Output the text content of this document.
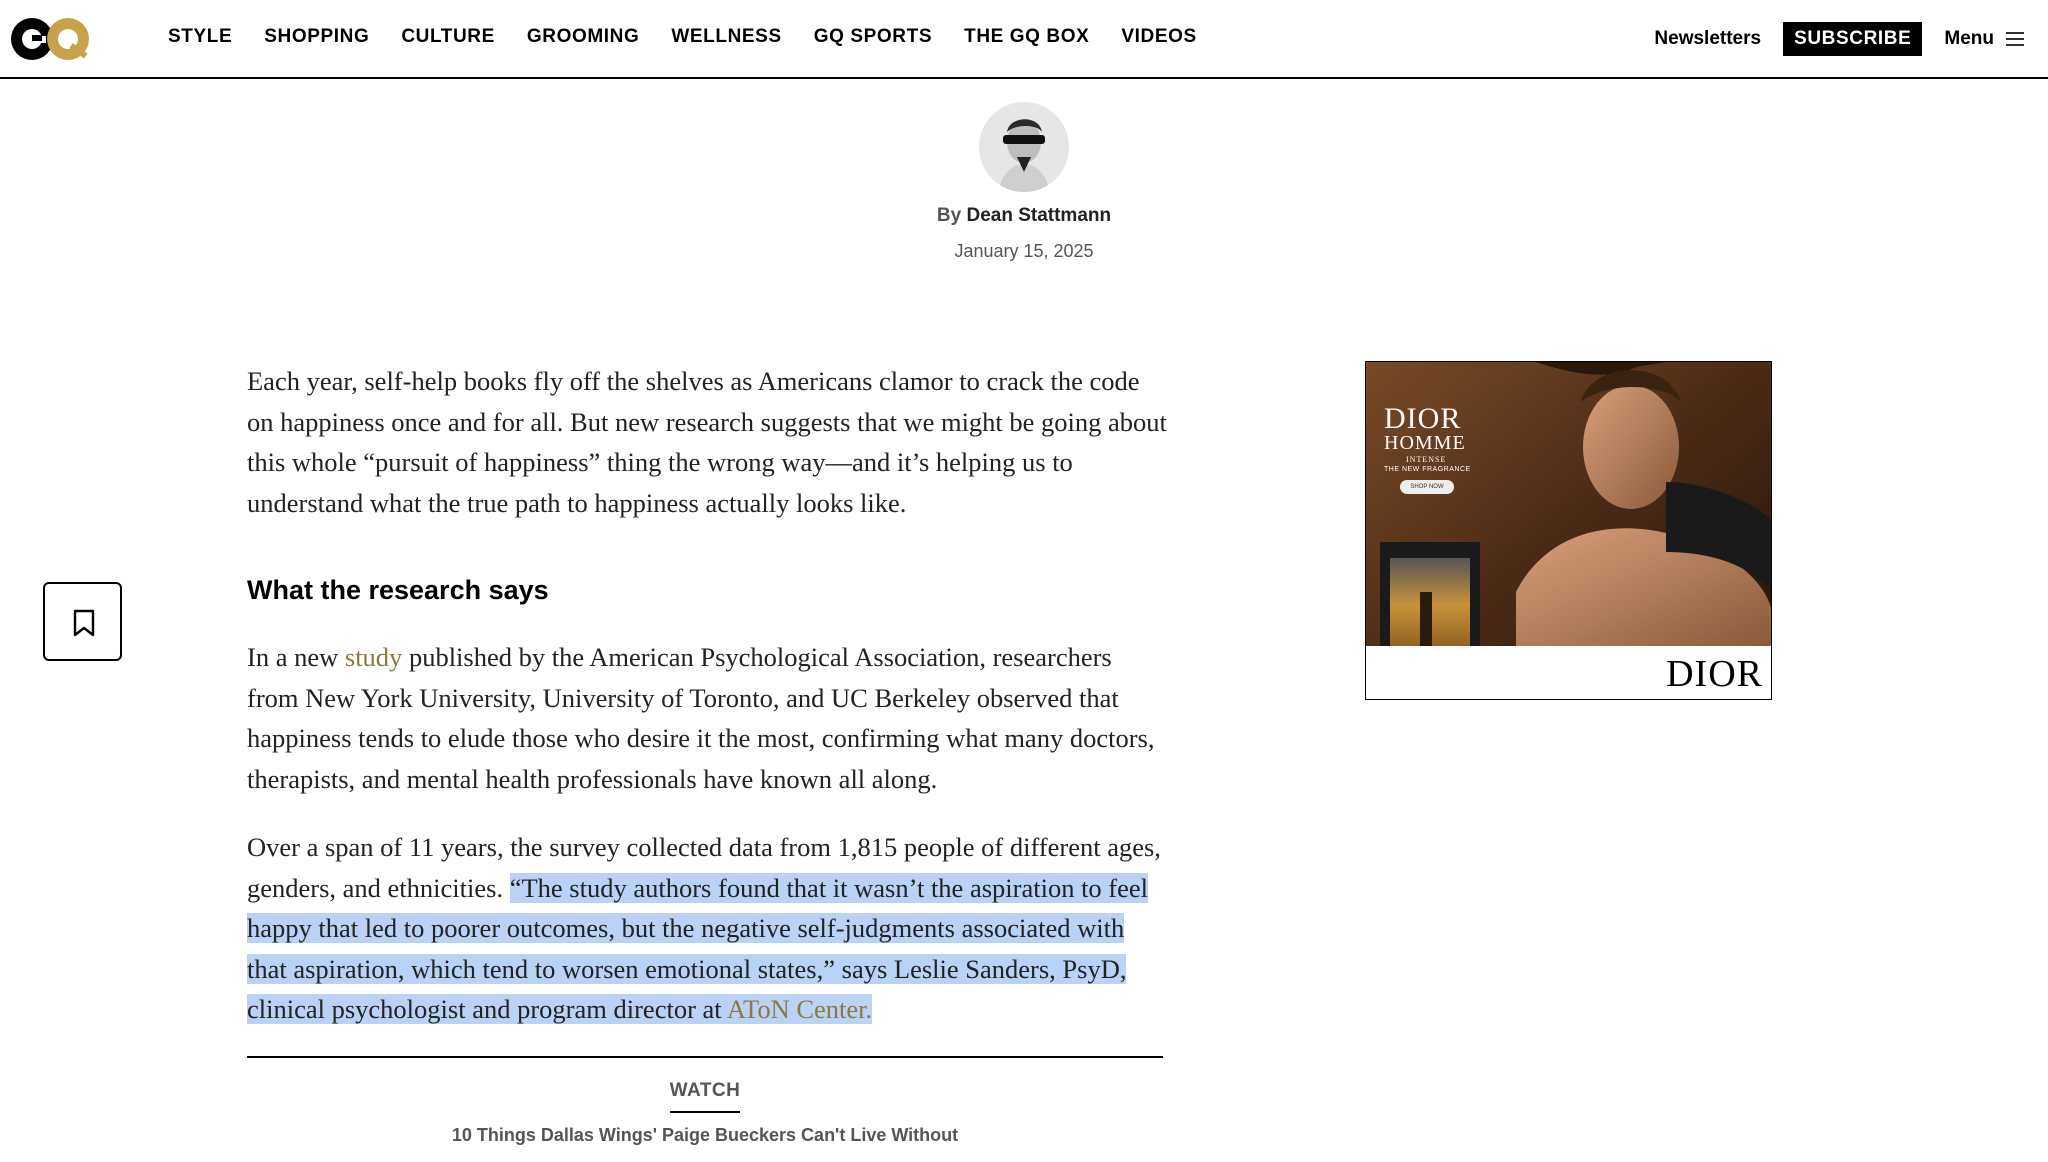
STYLE SHOPPING CULTURE GROOMING WELLNESS GQ SPORTS THE GQ BOX VIDEOS	Newsletters	SUBSCRIBE	Menu
By Dean Stattmann
January 15, 2025

Each year, self-help books fly off the shelves as Americans clamor to crack the code on happiness once and for all. But new research suggests that we might be going about this whole “pursuit of happiness” thing the wrong way—and it’s helping us to understand what the true path to happiness actually looks like.

What the research says

In a new study published by the American Psychological Association, researchers from New York University, University of Toronto, and UC Berkeley observed that happiness tends to elude those who desire it the most, confirming what many doctors, therapists, and mental health professionals have known all along.

Over a span of 11 years, the survey collected data from 1,815 people of different ages, genders, and ethnicities. “The study authors found that it wasn’t the aspiration to feel happy that led to poorer outcomes, but the negative self-judgments associated with that aspiration, which tend to worsen emotional states,” says Leslie Sanders, PsyD, clinical psychologist and program director at AToN Center.

WATCH
10 Things Dallas Wings' Paige Bueckers Can't Live Without
DIOR
HOMME
INTENSE
THE NEW FRAGRANCE
SHOP NOW
DIOR
